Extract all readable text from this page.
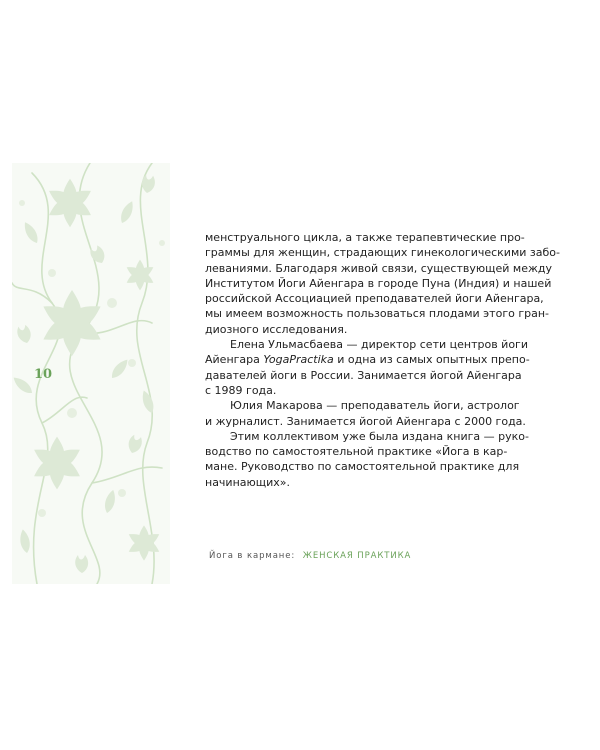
10
менструального цикла, а также терапевтические про-
граммы для женщин, страдающих гинекологическими забо-
леваниями. Благодаря живой связи, существующей между
Институтом Йоги Айенгара в городе Пуна (Индия) и нашей
российской Ассоциацией преподавателей йоги Айенгара,
мы имеем возможность пользоваться плодами этого гран-
диозного исследования.
Елена Ульмасбаева — директор сети центров йоги
Айенгара YogaPractika и одна из самых опытных препо-
давателей йоги в России. Занимается йогой Айенгара
с 1989 года.
Юлия Макарова — преподаватель йоги, астролог
и журналист. Занимается йогой Айенгара с 2000 года.
Этим коллективом уже была издана книга — руко-
водство по самостоятельной практике «Йога в кар-
мане. Руководство по самостоятельной практике для
начинающих».
Йога в кармане: ЖЕНСКАЯ ПРАКТИКА
